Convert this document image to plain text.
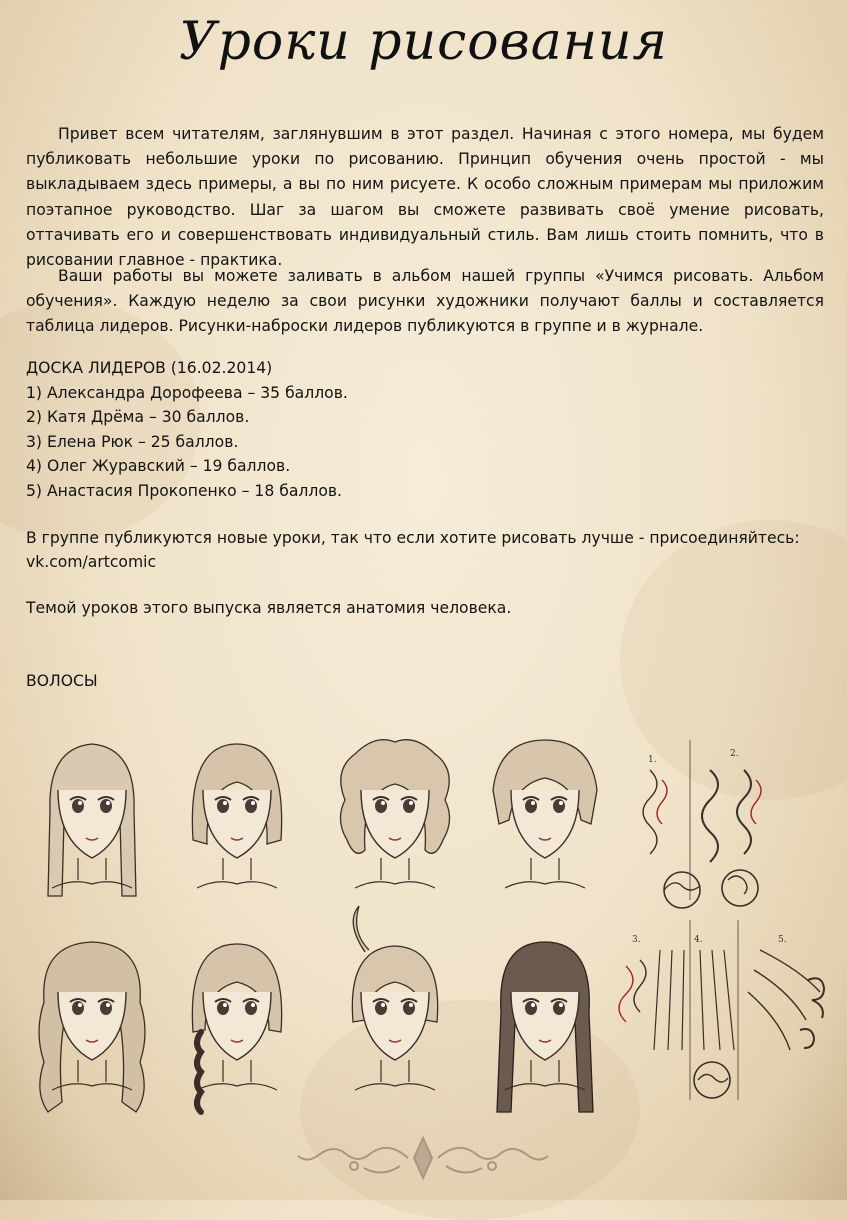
Уроки рисования

Привет всем читателям, заглянувшим в этот раздел. Начиная с этого номера, мы будем публиковать небольшие уроки по рисованию. Принцип обучения очень простой - мы выкладываем здесь примеры, а вы по ним рисуете. К особо сложным примерам мы приложим поэтапное руководство. Шаг за шагом вы сможете развивать своё умение рисовать, оттачивать его и совершенствовать индивидуальный стиль. Вам лишь стоить помнить, что в рисовании главное - практика.

Ваши работы вы можете заливать в альбом нашей группы «Учимся рисовать. Альбом обучения». Каждую неделю за свои рисунки художники получают баллы и составляется таблица лидеров. Рисунки-наброски лидеров публикуются в группе и в журнале.

ДОСКА ЛИДЕРОВ (16.02.2014)
1) Александра Дорофеева – 35 баллов.
2) Катя Дрёма – 30 баллов.
3) Елена Рюк – 25 баллов.
4) Олег Журавский – 19 баллов.
5) Анастасия Прокопенко – 18 баллов.
В группе публикуются новые уроки, так что если хотите рисовать лучше - присоединяйтесь:
vk.com/artcomic
Темой уроков этого выпуска является анатомия человека.
ВОЛОСЫ
1.
2.
3.	4.	5.
